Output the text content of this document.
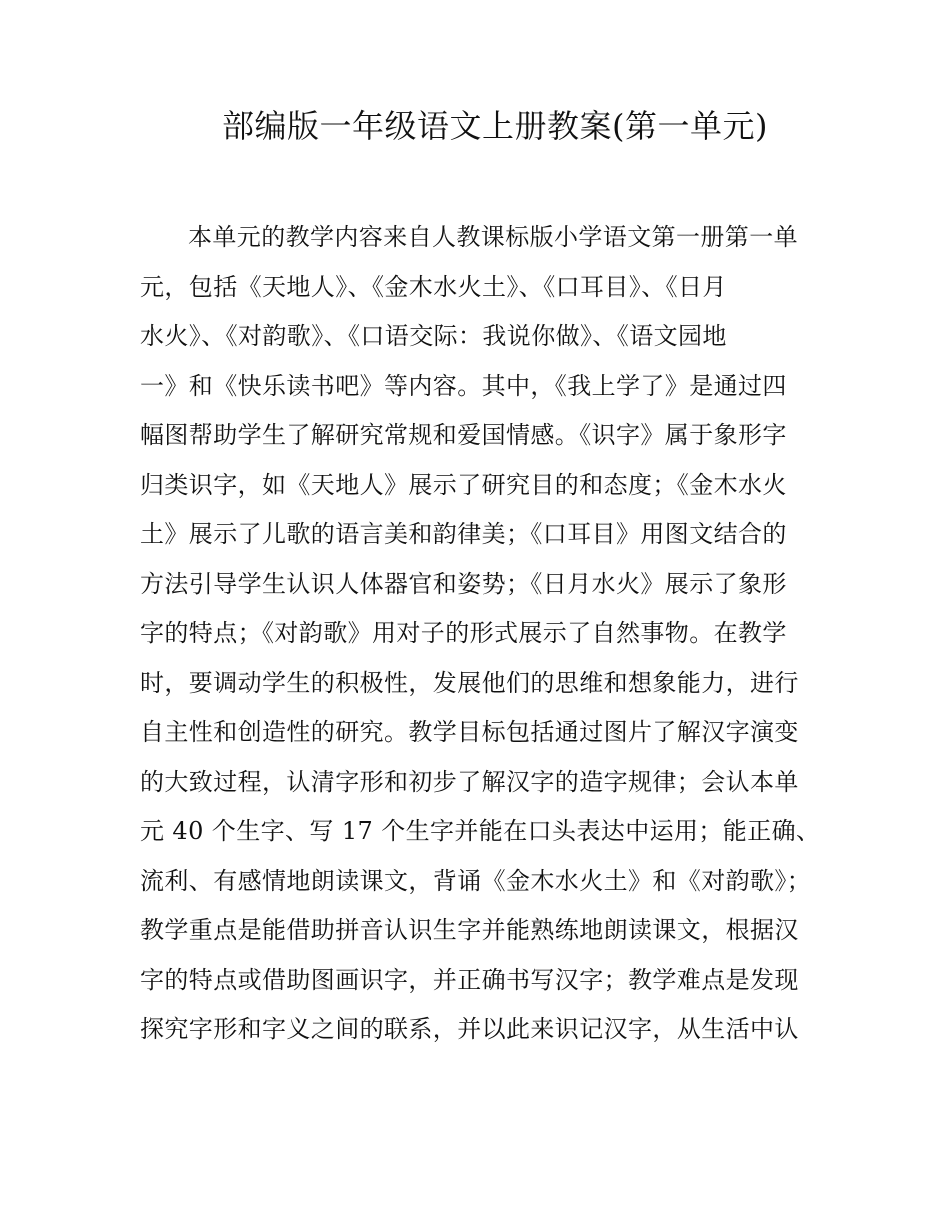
部编版一年级语文上册教案(第一单元)
本单元的教学内容来自人教课标版小学语文第一册第一单
元，包括《天地人》、《金木水火土》、《口耳目》、《日月
水火》、《对韵歌》、《口语交际：我说你做》、《语文园地
一》和《快乐读书吧》等内容。其中，《我上学了》是通过四
幅图帮助学生了解研究常规和爱国情感。《识字》属于象形字
归类识字，如《天地人》展示了研究目的和态度；《金木水火
土》展示了儿歌的语言美和韵律美；《口耳目》用图文结合的
方法引导学生认识人体器官和姿势；《日月水火》展示了象形
字的特点；《对韵歌》用对子的形式展示了自然事物。在教学
时，要调动学生的积极性，发展他们的思维和想象能力，进行
自主性和创造性的研究。教学目标包括通过图片了解汉字演变
的大致过程，认清字形和初步了解汉字的造字规律；会认本单
元 40 个生字、写 17 个生字并能在口头表达中运用；能正确、
流利、有感情地朗读课文，背诵《金木水火土》和《对韵歌》；
教学重点是能借助拼音认识生字并能熟练地朗读课文，根据汉
字的特点或借助图画识字，并正确书写汉字；教学难点是发现
探究字形和字义之间的联系，并以此来识记汉字，从生活中认
